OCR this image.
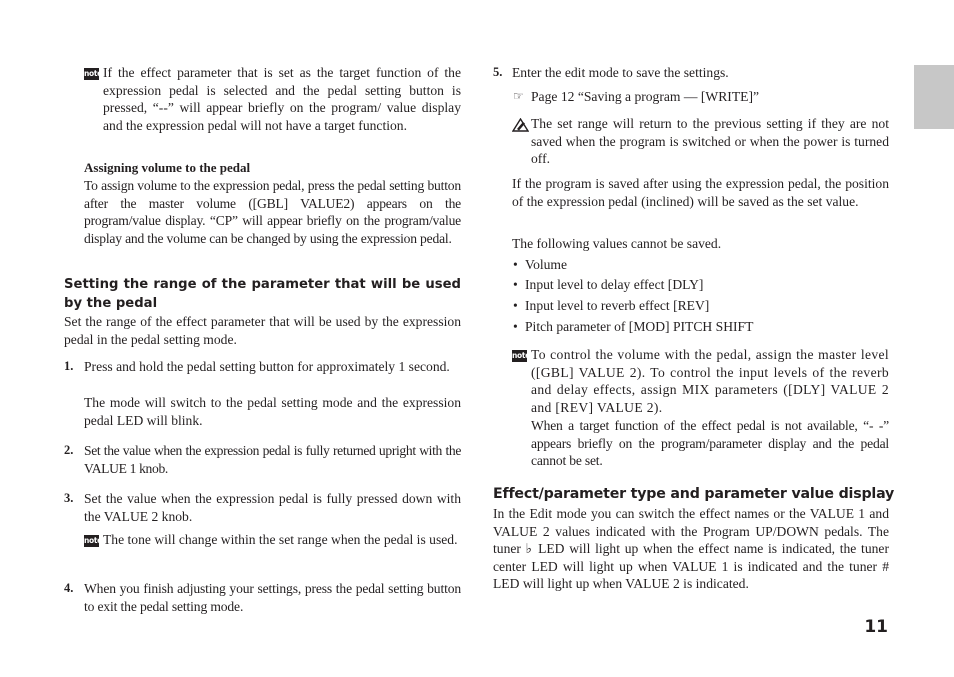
note If the effect parameter that is set as the target function of the expression pedal is selected and the pedal setting button is pressed, “--” will appear briefly on the program/ value display and the expression pedal will not have a target function.

Assigning volume to the pedal

To assign volume to the expression pedal, press the pedal setting button after the master volume ([GBL] VALUE2) appears on the program/value display. “CP” will appear briefly on the program/value display and the volume can be changed by using the expression pedal.

Setting the range of the parameter that will be used by the pedal

Set the range of the effect parameter that will be used by the expression pedal in the pedal setting mode.

1. Press and hold the pedal setting button for approximately 1 second.

The mode will switch to the pedal setting mode and the expression pedal LED will blink.

2. Set the value when the expression pedal is fully returned upright with the VALUE 1 knob.

3. Set the value when the expression pedal is fully pressed down with the VALUE 2 knob.

note The tone will change within the set range when the pedal is used.

4. When you finish adjusting your settings, press the pedal setting button to exit the pedal setting mode.

5. Enter the edit mode to save the settings.

☞ Page 12 “Saving a program — [WRITE]”

The set range will return to the previous setting if they are not saved when the program is switched or when the power is turned off.

If the program is saved after using the expression pedal, the position of the expression pedal (inclined) will be saved as the set value.

The following values cannot be saved.

• Volume

• Input level to delay effect [DLY]

• Input level to reverb effect [REV]

• Pitch parameter of [MOD] PITCH SHIFT

note To control the volume with the pedal, assign the master level ([GBL] VALUE 2). To control the input levels of the reverb and delay effects, assign MIX parameters ([DLY] VALUE 2 and [REV] VALUE 2).

When a target function of the effect pedal is not available, “- -” appears briefly on the program/parameter display and the pedal cannot be set.

Effect/parameter type and parameter value display

In the Edit mode you can switch the effect names or the VALUE 1 and VALUE 2 values indicated with the Program UP/DOWN pedals. The tuner ♭ LED will light up when the effect name is indicated, the tuner center LED will light up when VALUE 1 is indicated and the tuner # LED will light up when VALUE 2 is indicated.

11
